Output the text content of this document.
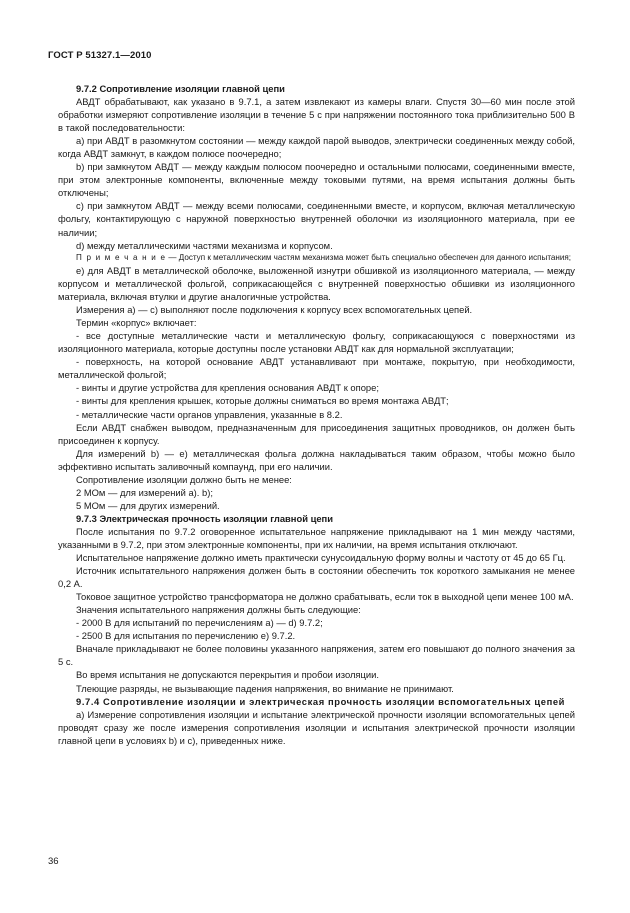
ГОСТ Р 51327.1—2010

9.7.2 Сопротивление изоляции главной цепи

АВДТ обрабатывают, как указано в 9.7.1, а затем извлекают из камеры влаги. Спустя 30—60 мин после этой обработки измеряют сопротивление изоляции в течение 5 с при напряжении постоянного тока приблизительно 500 В в такой последовательности:

a) при АВДТ в разомкнутом состоянии — между каждой парой выводов, электрически соединенных между собой, когда АВДТ замкнут, в каждом полюсе поочередно;

b) при замкнутом АВДТ — между каждым полюсом поочередно и остальными полюсами, соединенными вместе, при этом электронные компоненты, включенные между токовыми путями, на время испытания должны быть отключены;

c) при замкнутом АВДТ — между всеми полюсами, соединенными вместе, и корпусом, включая металлическую фольгу, контактирующую с наружной поверхностью внутренней оболочки из изоляционного материала, при ее наличии;

d) между металлическими частями механизма и корпусом.

П р и м е ч а н и е — Доступ к металлическим частям механизма может быть специально обеспечен для данного испытания;

e) для АВДТ в металлической оболочке, выложенной изнутри обшивкой из изоляционного материала, — между корпусом и металлической фольгой, соприкасающейся с внутренней поверхностью обшивки из изоляционного материала, включая втулки и другие аналогичные устройства.

Измерения а) — с) выполняют после подключения к корпусу всех вспомогательных цепей.

Термин «корпус» включает:

- все доступные металлические части и металлическую фольгу, соприкасающуюся с поверхностями из изоляционного материала, которые доступны после установки АВДТ как для нормальной эксплуатации;

- поверхность, на которой основание АВДТ устанавливают при монтаже, покрытую, при необходимости, металлической фольгой;

- винты и другие устройства для крепления основания АВДТ к опоре;

- винты для крепления крышек, которые должны сниматься во время монтажа АВДТ;

- металлические части органов управления, указанные в 8.2.

Если АВДТ снабжен выводом, предназначенным для присоединения защитных проводников, он должен быть присоединен к корпусу.

Для измерений b) — e) металлическая фольга должна накладываться таким образом, чтобы можно было эффективно испытать заливочный компаунд, при его наличии.

Сопротивление изоляции должно быть не менее:

2 МОм — для измерений а). b);

5 МОм — для других измерений.

9.7.3 Электрическая прочность изоляции главной цепи

После испытания по 9.7.2 оговоренное испытательное напряжение прикладывают на 1 мин между частями, указанными в 9.7.2, при этом электронные компоненты, при их наличии, на время испытания отключают.

Испытательное напряжение должно иметь практически сунусоидальную форму волны и частоту от 45 до 65 Гц.

Источник испытательного напряжения должен быть в состоянии обеспечить ток короткого замыкания не менее 0,2 А.

Токовое защитное устройство трансформатора не должно срабатывать, если ток в выходной цепи менее 100 мА.

Значения испытательного напряжения должны быть следующие:

- 2000 В для испытаний по перечислениям а) — d) 9.7.2;

- 2500 В для испытания по перечислению е) 9.7.2.

Вначале прикладывают не более половины указанного напряжения, затем его повышают до полного значения за 5 с.

Во время испытания не допускаются перекрытия и пробои изоляции.

Тлеющие разряды, не вызывающие падения напряжения, во внимание не принимают.

9.7.4 Сопротивление изоляции и электрическая прочность изоляции вспомогательных цепей

а) Измерение сопротивления изоляции и испытание электрической прочности изоляции вспомогательных цепей проводят сразу же после измерения сопротивления изоляции и испытания электрической прочности изоляции главной цепи в условиях b) и с), приведенных ниже.

36
